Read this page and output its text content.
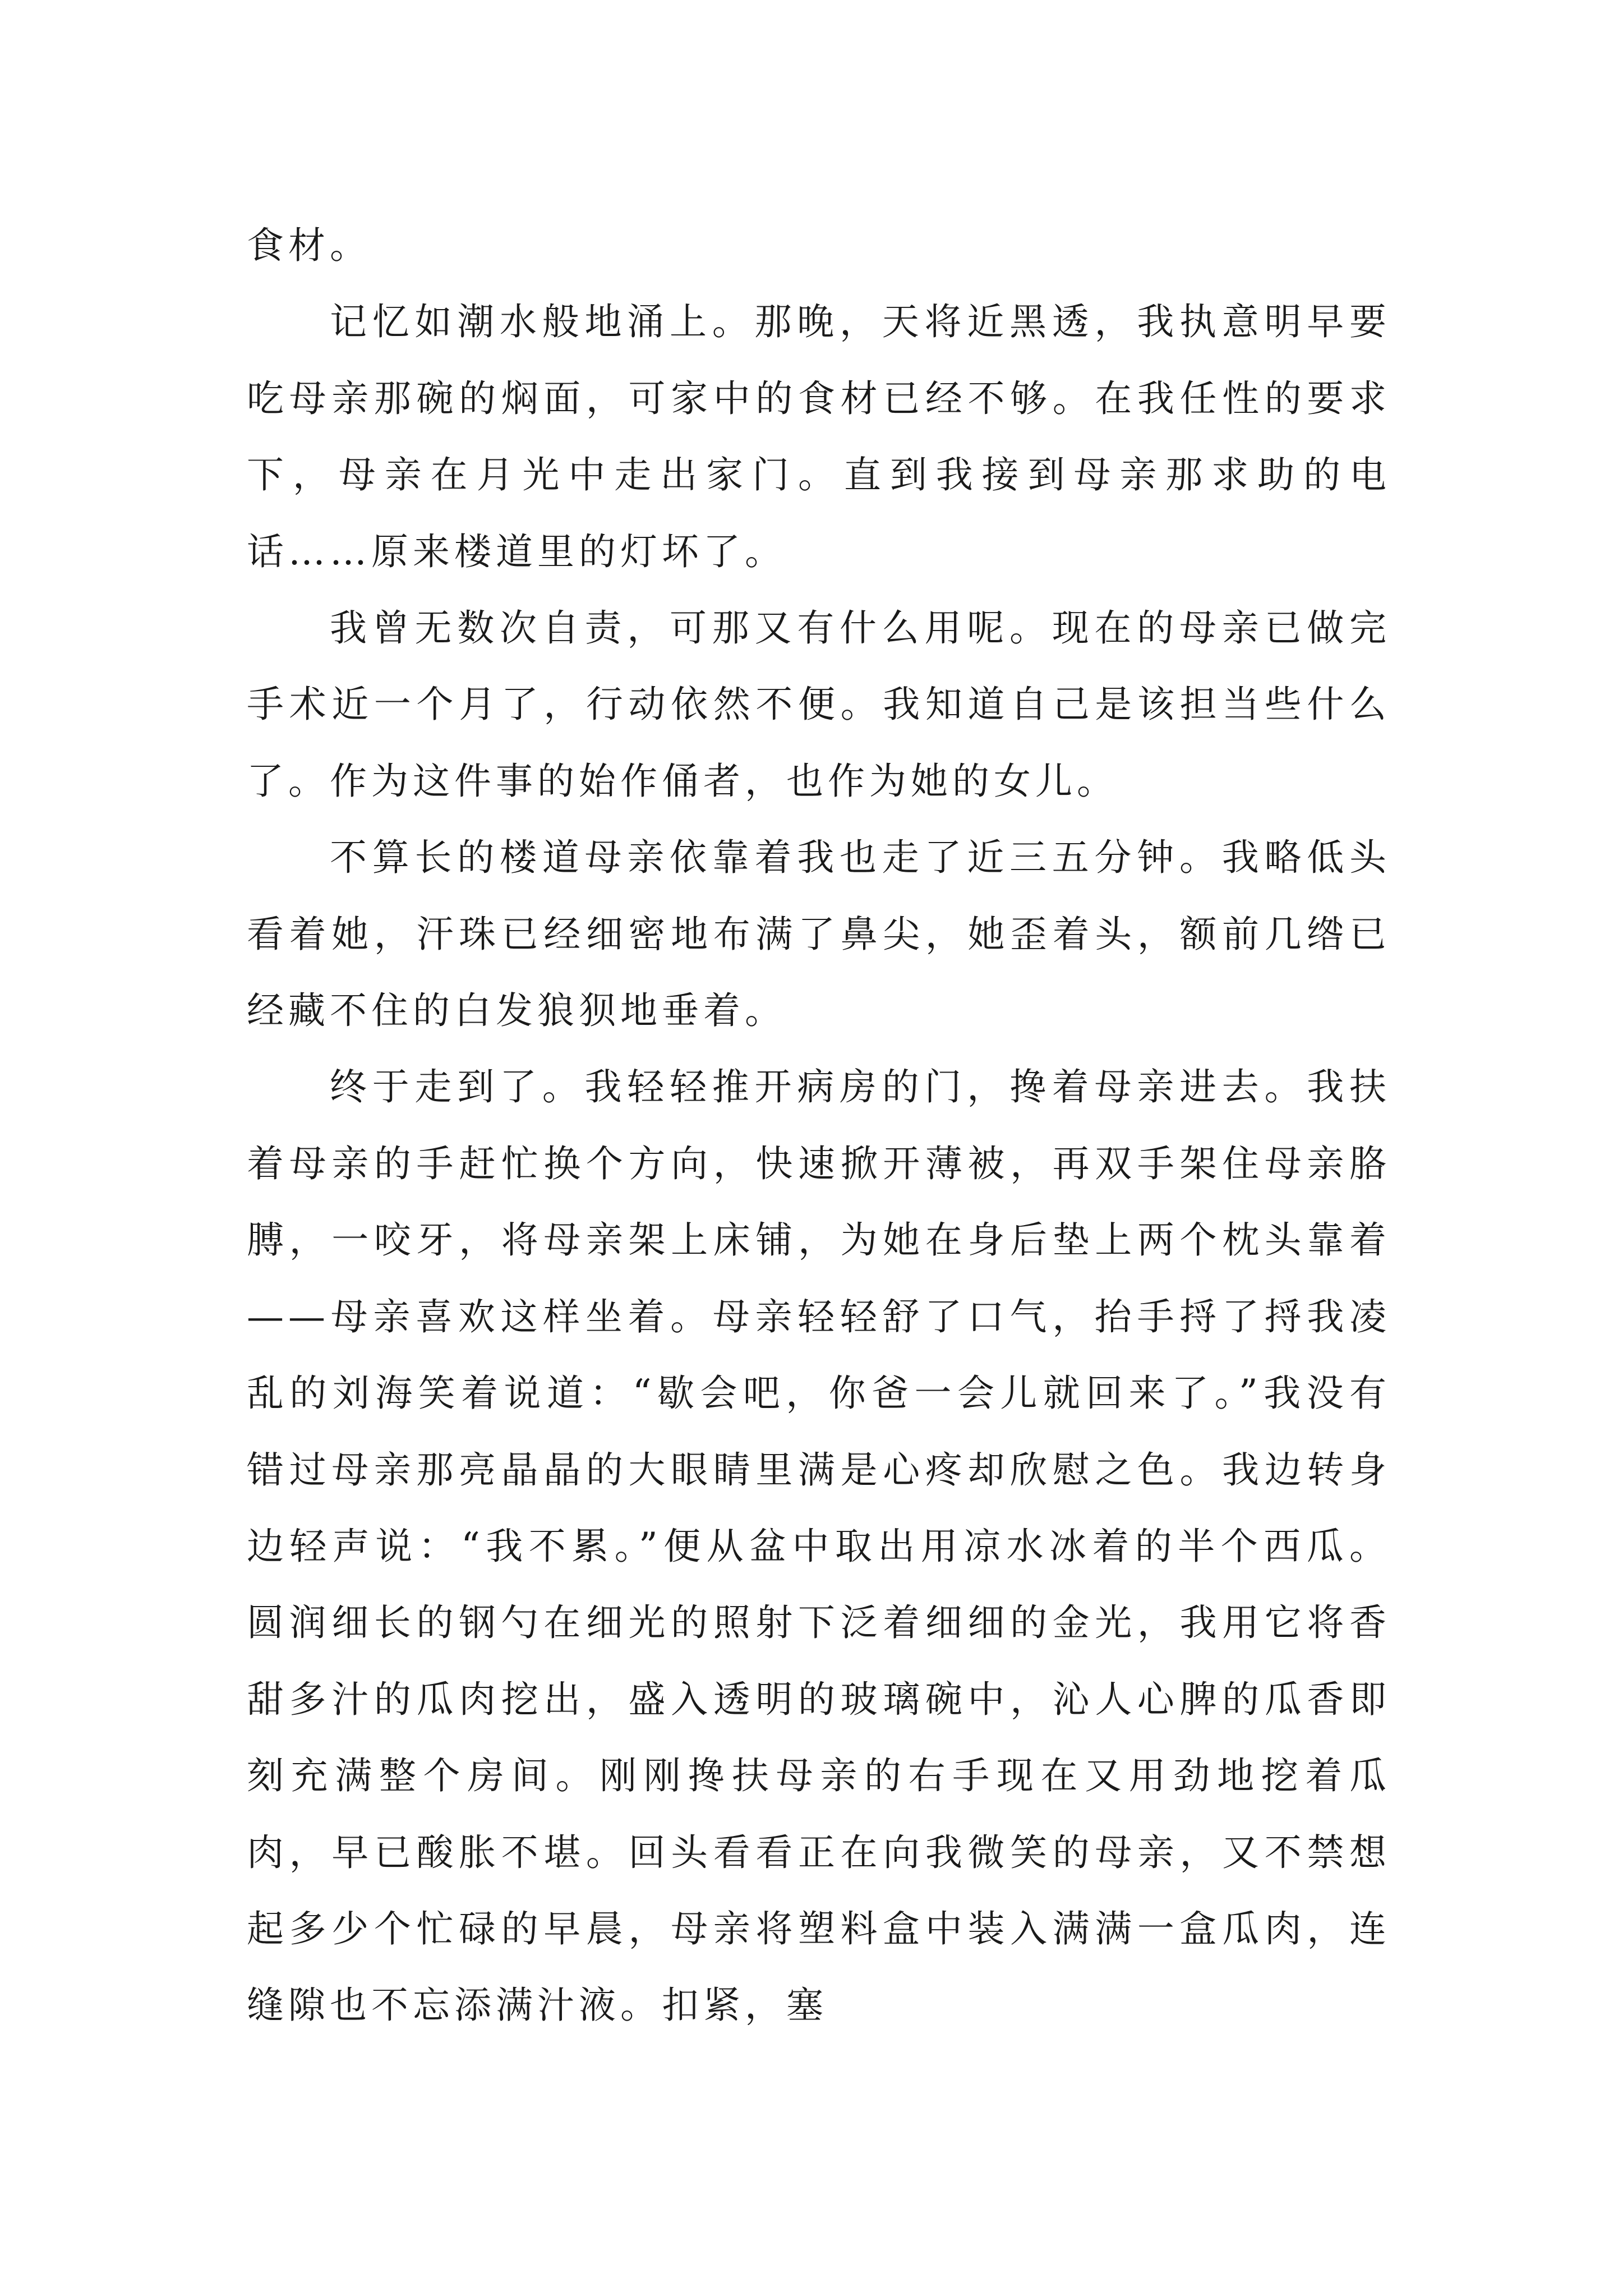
食材。

记忆如潮水般地涌上。那晚，天将近黑透，我执意明早要吃母亲那碗的焖面，可家中的食材已经不够。在我任性的要求下，母亲在月光中走出家门。直到我接到母亲那求助的电话……原来楼道里的灯坏了。

我曾无数次自责，可那又有什么用呢。现在的母亲已做完手术近一个月了，行动依然不便。我知道自己是该担当些什么了。作为这件事的始作俑者，也作为她的女儿。

不算长的楼道母亲依靠着我也走了近三五分钟。我略低头看着她，汗珠已经细密地布满了鼻尖，她歪着头，额前几绺已经藏不住的白发狼狈地垂着。

终于走到了。我轻轻推开病房的门，搀着母亲进去。我扶着母亲的手赶忙换个方向，快速掀开薄被，再双手架住母亲胳膊，一咬牙，将母亲架上床铺，为她在身后垫上两个枕头靠着——母亲喜欢这样坐着。母亲轻轻舒了口气，抬手捋了捋我凌乱的刘海笑着说道：“歇会吧，你爸一会儿就回来了。”我没有错过母亲那亮晶晶的大眼睛里满是心疼却欣慰之色。我边转身边轻声说：“我不累。”便从盆中取出用凉水冰着的半个西瓜。圆润细长的钢勺在细光的照射下泛着细细的金光，我用它将香甜多汁的瓜肉挖出，盛入透明的玻璃碗中，沁人心脾的瓜香即刻充满整个房间。刚刚搀扶母亲的右手现在又用劲地挖着瓜肉，早已酸胀不堪。回头看看正在向我微笑的母亲，又不禁想起多少个忙碌的早晨，母亲将塑料盒中装入满满一盒瓜肉，连缝隙也不忘添满汁液。扣紧，塞
